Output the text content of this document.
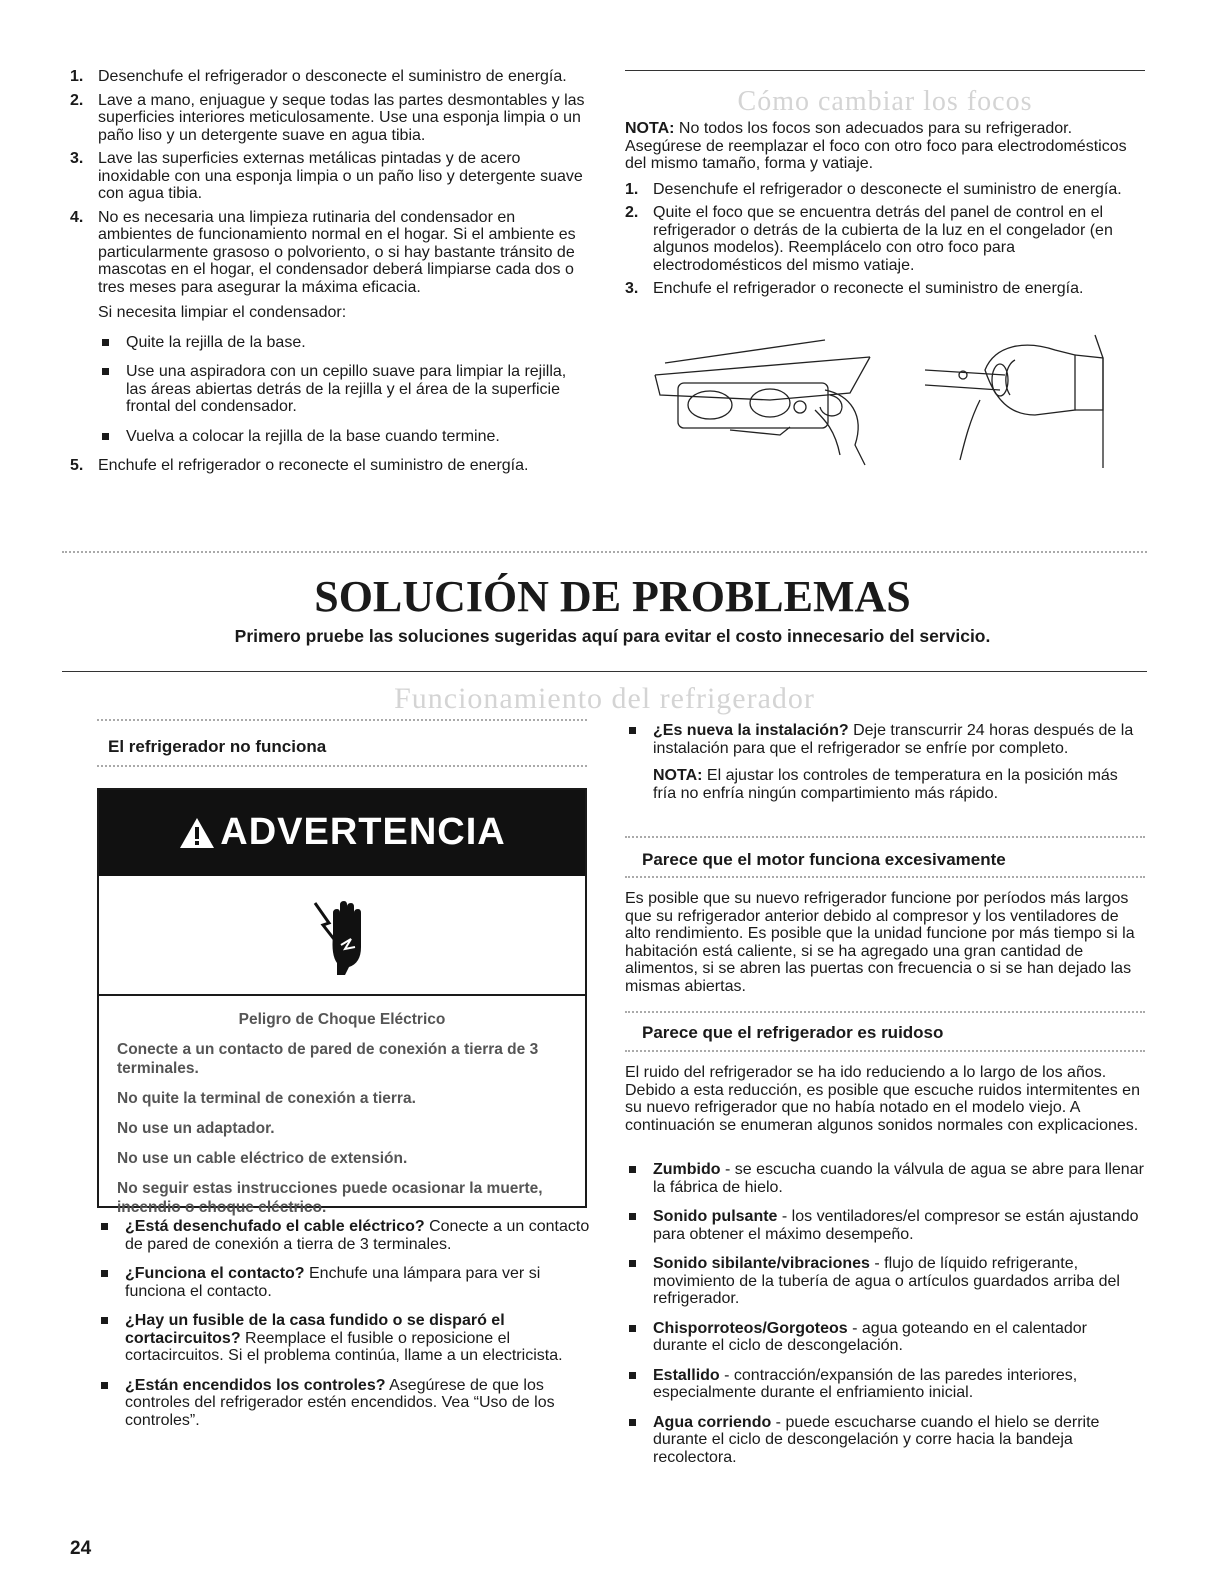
1. Desenchufe el refrigerador o desconecte el suministro de energía.
2. Lave a mano, enjuague y seque todas las partes desmontables y las superficies interiores meticulosamente. Use una esponja limpia o un paño liso y un detergente suave en agua tibia.
3. Lave las superficies externas metálicas pintadas y de acero inoxidable con una esponja limpia o un paño liso y detergente suave con agua tibia.
4. No es necesaria una limpieza rutinaria del condensador en ambientes de funcionamiento normal en el hogar. Si el ambiente es particularmente grasoso o polvoriento, o si hay bastante tránsito de mascotas en el hogar, el condensador deberá limpiarse cada dos o tres meses para asegurar la máxima eficacia.

Si necesita limpiar el condensador:

Quite la rejilla de la base.
Use una aspiradora con un cepillo suave para limpiar la rejilla, las áreas abiertas detrás de la rejilla y el área de la superficie frontal del condensador.
Vuelva a colocar la rejilla de la base cuando termine.
5. Enchufe el refrigerador o reconecte el suministro de energía.
Cómo cambiar los focos

NOTA: No todos los focos son adecuados para su refrigerador. Asegúrese de reemplazar el foco con otro foco para electrodomésticos del mismo tamaño, forma y vatiaje.

1. Desenchufe el refrigerador o desconecte el suministro de energía.
2. Quite el foco que se encuentra detrás del panel de control en el refrigerador o detrás de la cubierta de la luz en el congelador (en algunos modelos). Reemplácelo con otro foco para electrodomésticos del mismo vatiaje.
3. Enchufe el refrigerador o reconecte el suministro de energía.
SOLUCIÓN DE PROBLEMAS
Primero pruebe las soluciones sugeridas aquí para evitar el costo innecesario del servicio.
Funcionamiento del refrigerador
El refrigerador no funciona
ADVERTENCIA

Peligro de Choque Eléctrico

Conecte a un contacto de pared de conexión a tierra de 3 terminales.

No quite la terminal de conexión a tierra.

No use un adaptador.

No use un cable eléctrico de extensión.

No seguir estas instrucciones puede ocasionar la muerte, incendio o choque eléctrico.

¿Está desenchufado el cable eléctrico? Conecte a un contacto de pared de conexión a tierra de 3 terminales.
¿Funciona el contacto? Enchufe una lámpara para ver si funciona el contacto.
¿Hay un fusible de la casa fundido o se disparó el cortacircuitos? Reemplace el fusible o reposicione el cortacircuitos. Si el problema continúa, llame a un electricista.
¿Están encendidos los controles? Asegúrese de que los controles del refrigerador estén encendidos. Vea “Uso de los controles”.
¿Es nueva la instalación? Deje transcurrir 24 horas después de la instalación para que el refrigerador se enfríe por completo.

NOTA: El ajustar los controles de temperatura en la posición más fría no enfría ningún compartimiento más rápido.

Parece que el motor funciona excesivamente

Es posible que su nuevo refrigerador funcione por períodos más largos que su refrigerador anterior debido al compresor y los ventiladores de alto rendimiento. Es posible que la unidad funcione por más tiempo si la habitación está caliente, si se ha agregado una gran cantidad de alimentos, si se abren las puertas con frecuencia o si se han dejado las mismas abiertas.

Parece que el refrigerador es ruidoso

El ruido del refrigerador se ha ido reduciendo a lo largo de los años. Debido a esta reducción, es posible que escuche ruidos intermitentes en su nuevo refrigerador que no había notado en el modelo viejo. A continuación se enumeran algunos sonidos normales con explicaciones.

Zumbido - se escucha cuando la válvula de agua se abre para llenar la fábrica de hielo.
Sonido pulsante - los ventiladores/el compresor se están ajustando para obtener el máximo desempeño.
Sonido sibilante/vibraciones - flujo de líquido refrigerante, movimiento de la tubería de agua o artículos guardados arriba del refrigerador.
Chisporroteos/Gorgoteos - agua goteando en el calentador durante el ciclo de descongelación.
Estallido - contracción/expansión de las paredes interiores, especialmente durante el enfriamiento inicial.
Agua corriendo - puede escucharse cuando el hielo se derrite durante el ciclo de descongelación y corre hacia la bandeja recolectora.
24
